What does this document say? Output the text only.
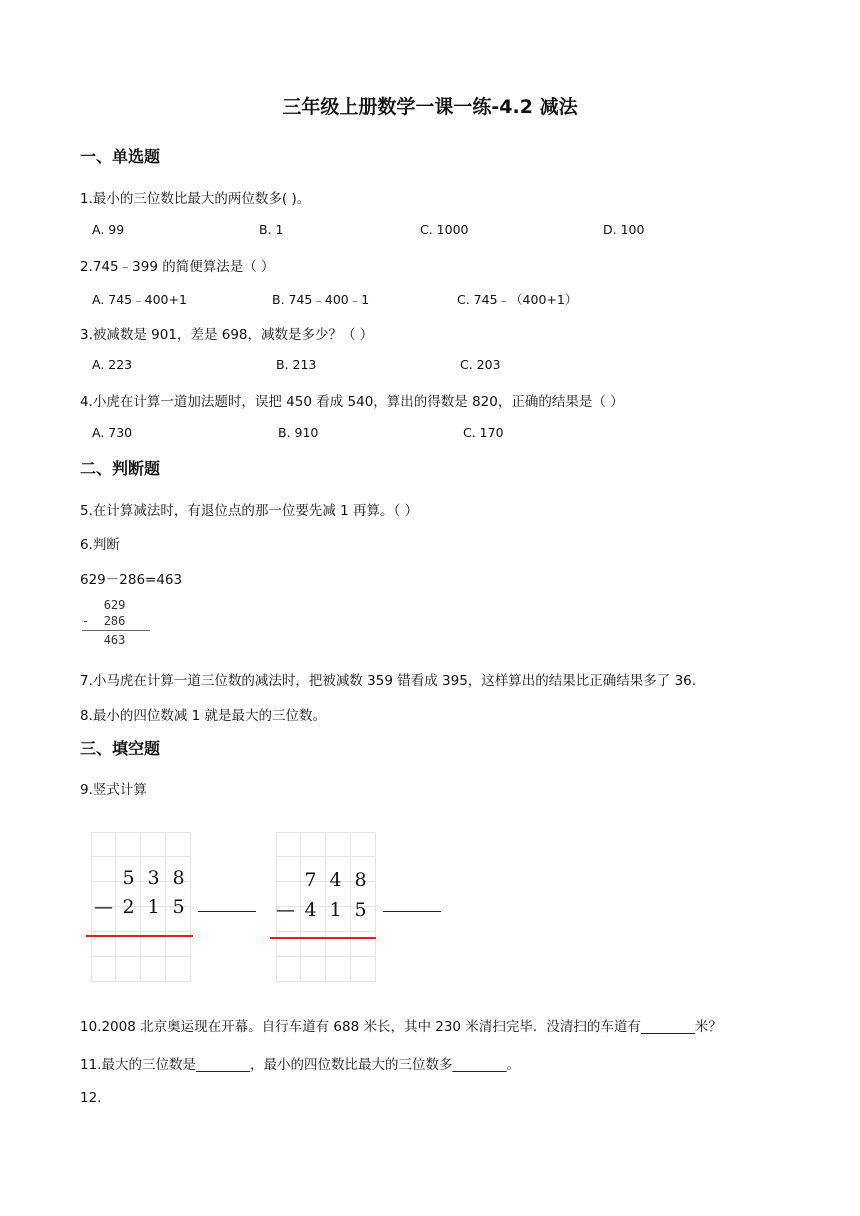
三年级上册数学一课一练-4.2 减法
一、单选题
1.最小的三位数比最大的两位数多( )。
A. 99	B. 1	C. 1000	D. 100
2.745﹣399 的简便算法是（ ）
A. 745﹣400+1	B. 745﹣400﹣1	C. 745﹣（400+1）
3.被减数是 901，差是 698，减数是多少？（ ）
A. 223	B. 213	C. 203
4.小虎在计算一道加法题时，误把 450 看成 540，算出的得数是 820，正确的结果是（ ）
A. 730	B. 910	C. 170
二、判断题
5.在计算减法时，有退位点的那一位要先减 1 再算。（ ）
6.判断
629－286=463
629
- 286
463
7.小马虎在计算一道三位数的减法时，把被减数 359 错看成 395，这样算出的结果比正确结果多了 36.
8.最小的四位数减 1 就是最大的三位数。
三、填空题
9.竖式计算
5 3 8
— 2 1 5
7 4 8
— 4 1 5
10.2008 北京奥运现在开幕。自行车道有 688 米长，其中 230 米清扫完毕．没清扫的车道有________米？
11.最大的三位数是________，最小的四位数比最大的三位数多________。
12.
